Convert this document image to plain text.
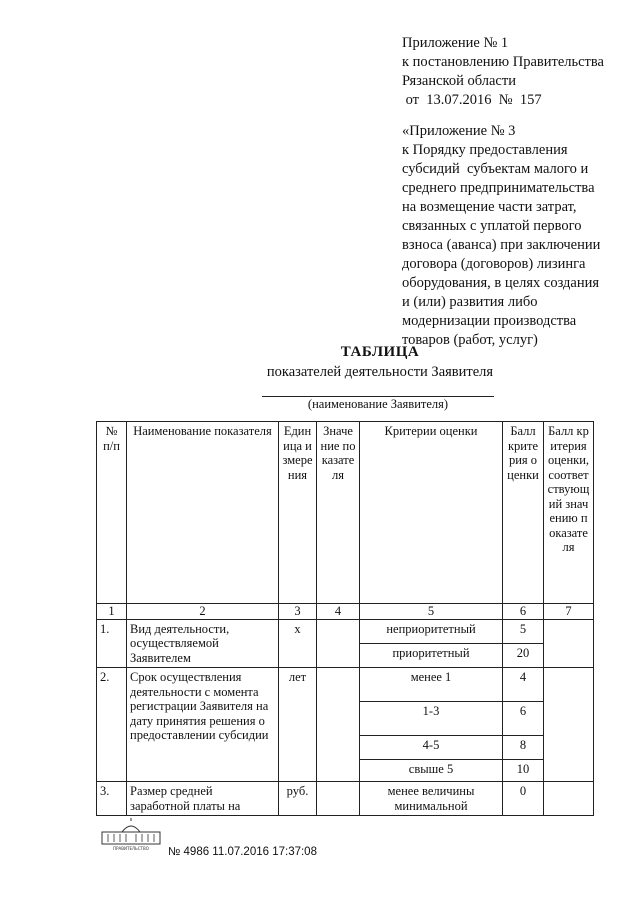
Приложение № 1
к постановлению Правительства
Рязанской области
от  13.07.2016  №  157
«Приложение № 3
к Порядку предоставления
субсидий  субъектам малого и
среднего предпринимательства
на возмещение части затрат,
связанных с уплатой первого
взноса (аванса) при заключении
договора (договоров) лизинга
оборудования, в целях создания
и (или) развития либо
модернизации производства
товаров (работ, услуг)
ТАБЛИЦА
показателей деятельности Заявителя
(наименование Заявителя)
№ п/п	Наименование показателя	Единица измерения	Значение показателя	Критерии оценки	Балл критерия оценки	Балл критерия оценки, соответствующий значению показателя
1	2	3	4	5	6	7
1.	Вид деятельности, осуществляемой Заявителем	х		неприоритетный	5	
				приоритетный	20	
2.	Срок осуществления деятельности с момента регистрации Заявителя на дату принятия решения о предоставлении субсидии	лет		менее 1	4	
				1-3	6	
				4-5	8	
				свыше 5	10	
3.	Размер средней заработной платы на	руб.		менее величины минимальной	0	
ПРАВИТЕЛЬСТВО № 4986 11.07.2016 17:37:08
